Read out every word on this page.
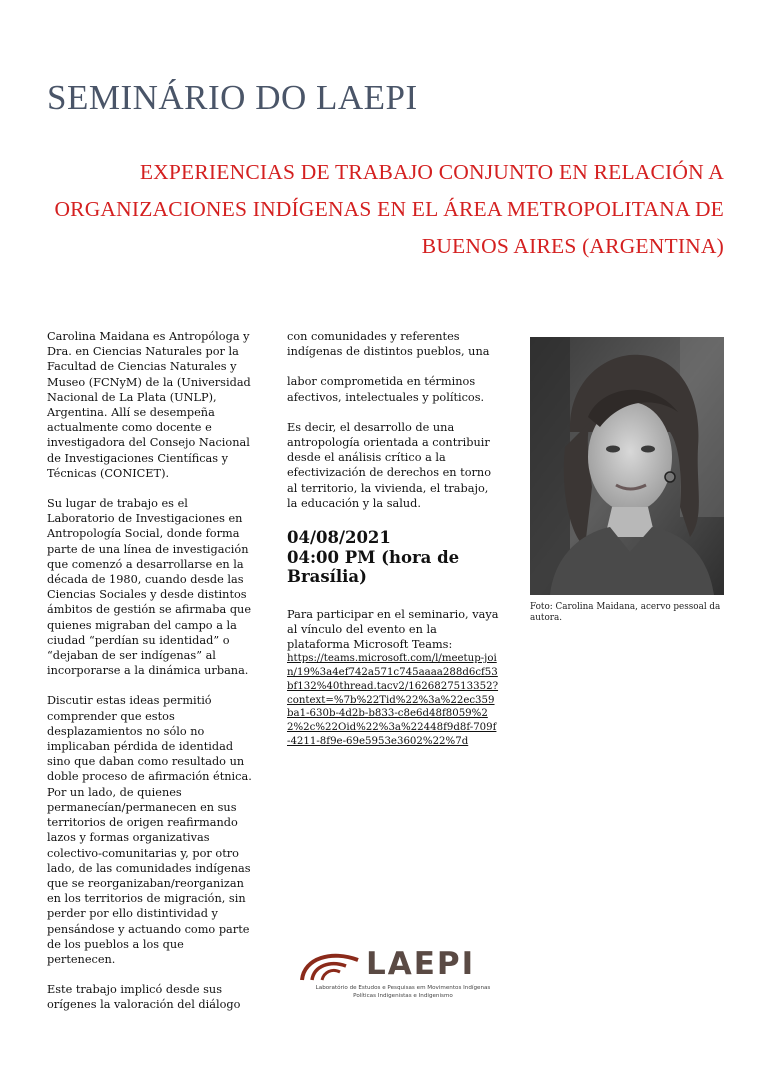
SEMINÁRIO DO LAEPI
EXPERIENCIAS DE TRABAJO CONJUNTO EN RELACIÓN A ORGANIZACIONES INDÍGENAS EN EL ÁREA METROPOLITANA DE BUENOS AIRES (ARGENTINA)

Carolina Maidana es Antropóloga y Dra. en Ciencias Naturales por la Facultad de Ciencias Naturales y Museo (FCNyM) de la (Universidad Nacional de La Plata (UNLP), Argentina. Allí se desempeña actualmente como docente e investigadora del Consejo Nacional de Investigaciones Científicas y Técnicas (CONICET).

Su lugar de trabajo es el Laboratorio de Investigaciones en Antropología Social, donde forma parte de una línea de investigación que comenzó a desarrollarse en la década de 1980, cuando desde las Ciencias Sociales y desde distintos ámbitos de gestión se afirmaba que quienes migraban del campo a la ciudad “perdían su identidad” o “dejaban de ser indígenas” al incorporarse a la dinámica urbana.

Discutir estas ideas permitió comprender que estos desplazamientos no sólo no implicaban pérdida de identidad sino que daban como resultado un doble proceso de afirmación étnica. Por un lado, de quienes permanecían/permanecen en sus territorios de origen reafirmando lazos y formas organizativas colectivo-comunitarias y, por otro lado, de las comunidades indígenas que se reorganizaban/reorganizan en los territorios de migración, sin perder por ello distintividad y pensándose y actuando como parte de los pueblos a los que pertenecen.

Este trabajo implicó desde sus orígenes la valoración del diálogo

con comunidades y referentes indígenas de distintos pueblos, una

labor comprometida en términos afectivos, intelectuales y políticos.

Es decir, el desarrollo de una antropología orientada a contribuir desde el análisis crítico a la efectivización de derechos en torno al territorio, la vivienda, el trabajo, la educación y la salud.

04/08/2021
04:00 PM (hora de Brasília)

Para participar en el seminario, vaya al vínculo del evento en la plataforma Microsoft Teams:

https://teams.microsoft.com/l/meetup-join/19%3a4ef742a571c745aaaa288d6cf53bf132%40thread.tacv2/1626827513352?context=%7b%22Tid%22%3a%22ec359ba1-630b-4d2b-b833-c8e6d48f8059%22%2c%22Oid%22%3a%22448f9d8f-709f-4211-8f9e-69e5953e3602%22%7d
Foto: Carolina Maidana, acervo pessoal da autora.
LAEPI
Laboratório de Estudos e Pesquisas em Movimentos Indígenas
Políticas Indigenistas e Indigenismo
